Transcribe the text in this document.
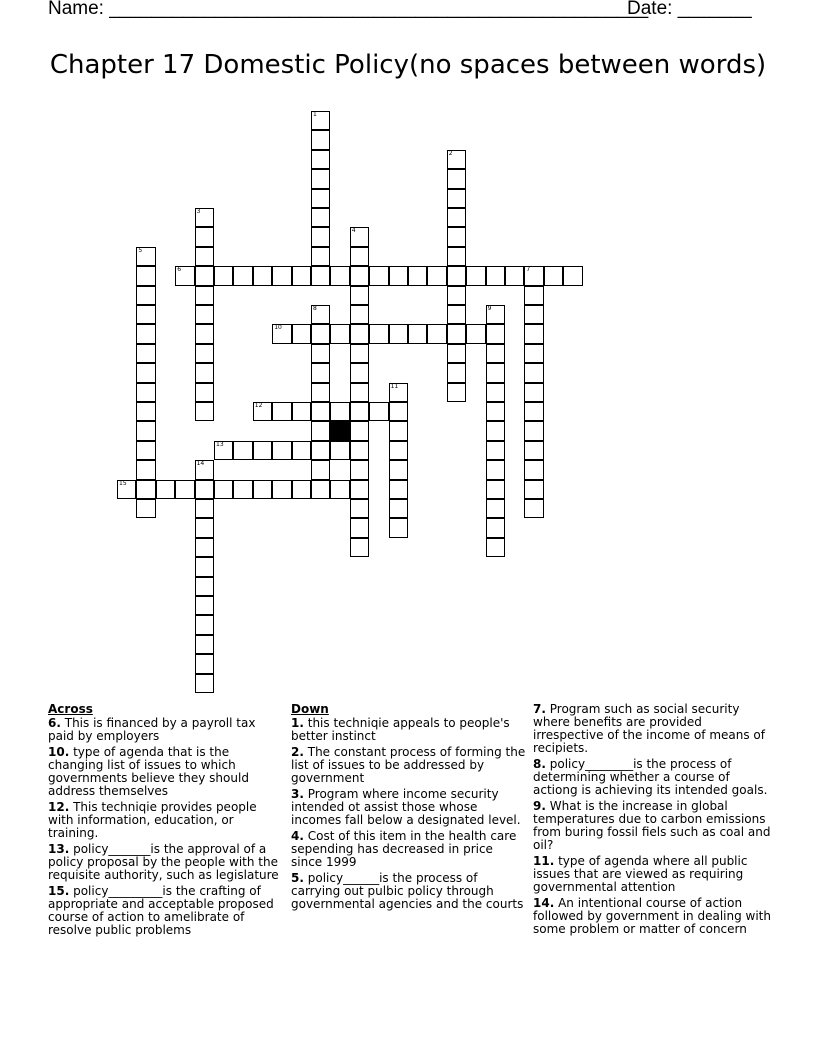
Name: ___________________________________________________
Date: _______
Chapter 17 Domestic Policy(no spaces between words)
1
2
3
4
5
6	7
8	9
10
11
12
13
14
15
Across
6. This is financed by a payroll tax paid by employers
10. type of agenda that is the changing list of issues to which governments believe they should address themselves
12. This techniqie provides people with information, education, or training.
13. policy_______is the approval of a policy proposal by the people with the requisite authority, such as legislature
15. policy_________is the crafting of appropriate and acceptable proposed course of action to amelibrate of resolve public problems
Down
1. this techniqie appeals to people's better instinct
2. The constant process of forming the list of issues to be addressed by government
3. Program where income security intended ot assist those whose incomes fall below a designated level.
4. Cost of this item in the health care sepending has decreased in price since 1999
5. policy______is the process of carrying out pulbic policy through governmental agencies and the courts
7. Program such as social security where benefits are provided irrespective of the income of means of recipiets.
8. policy________is the process of determining whether a course of actiong is achieving its intended goals.
9. What is the increase in global temperatures due to carbon emissions from buring fossil fiels such as coal and oil?
11. type of agenda where all public issues that are viewed as requiring governmental attention
14. An intentional course of action followed by government in dealing with some problem or matter of concern
